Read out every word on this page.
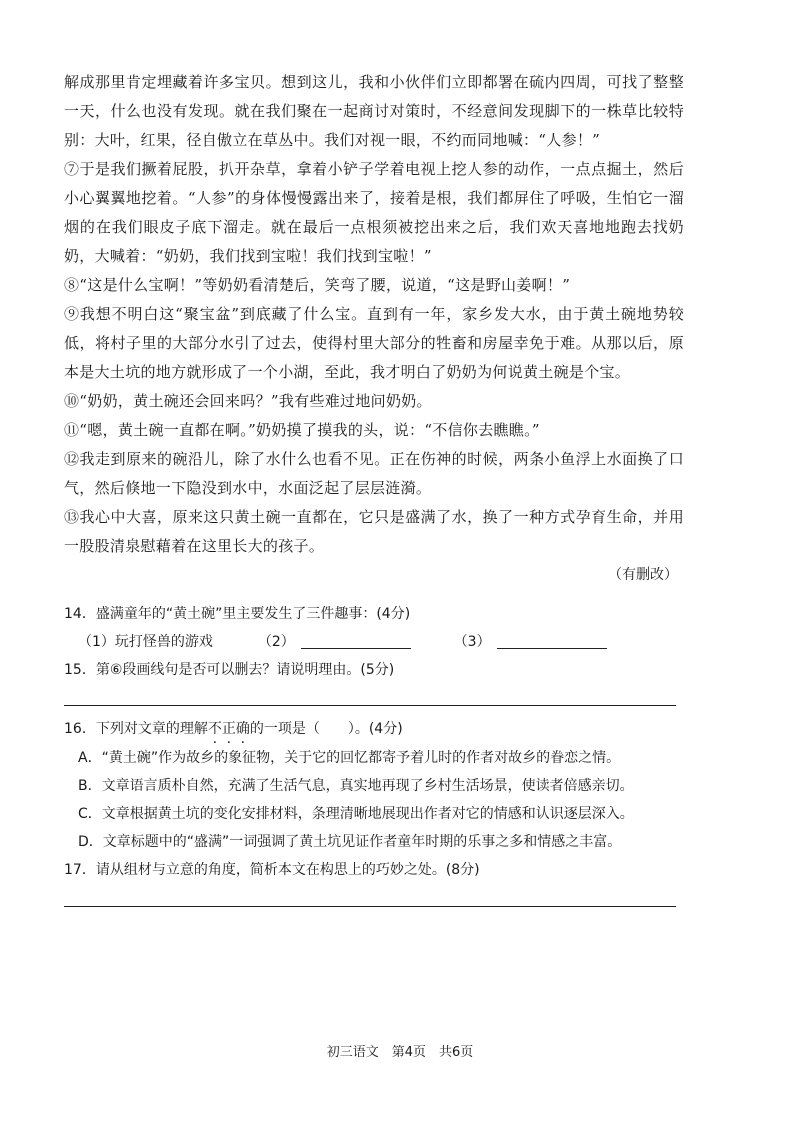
解成那里肯定埋藏着许多宝贝。想到这儿，我和小伙伴们立即都署在硫内四周，可找了整整一天，什么也没有发现。就在我们聚在一起商讨对策时，不经意间发现脚下的一株草比较特别：大叶，红果，径自傲立在草丛中。我们对视一眼，不约而同地喊：“人参！”

⑦于是我们撅着屁股，扒开杂草，拿着小铲子学着电视上挖人参的动作，一点点掘土，然后小心翼翼地挖着。“人参”的身体慢慢露出来了，接着是根，我们都屏住了呼吸，生怕它一溜烟的在我们眼皮子底下溜走。就在最后一点根须被挖出来之后，我们欢天喜地地跑去找奶奶，大喊着：“奶奶，我们找到宝啦！我们找到宝啦！”

⑧“这是什么宝啊！”等奶奶看清楚后，笑弯了腰，说道，“这是野山姜啊！”

⑨我想不明白这“聚宝盆”到底藏了什么宝。直到有一年，家乡发大水，由于黄土碗地势较低，将村子里的大部分水引了过去，使得村里大部分的牲畜和房屋幸免于难。从那以后，原本是大土坑的地方就形成了一个小湖，至此，我才明白了奶奶为何说黄土碗是个宝。

⑩“奶奶，黄土碗还会回来吗？”我有些难过地问奶奶。

⑪“嗯，黄土碗一直都在啊。”奶奶摸了摸我的头，说：“不信你去瞧瞧。”

⑫我走到原来的碗沿儿，除了水什么也看不见。正在伤神的时候，两条小鱼浮上水面换了口气，然后倏地一下隐没到水中，水面泛起了层层涟漪。

⑬我心中大喜，原来这只黄土碗一直都在，它只是盛满了水，换了一种方式孕育生命，并用一股股清泉慰藉着在这里长大的孩子。

（有删改）

14．盛满童年的“黄土碗”里主要发生了三件趣事：(4分)

（1）玩打怪兽的游戏	（2）	（3）

15．第⑥段画线句是否可以删去？请说明理由。(5分)

16．下列对文章的理解不正确的一项是（　　）。(4分)

A．“黄土碗”作为故乡的象征物，关于它的回忆都寄予着儿时的作者对故乡的眷恋之情。

B．文章语言质朴自然，充满了生活气息，真实地再现了乡村生活场景，使读者倍感亲切。

C．文章根据黄土坑的变化安排材料，条理清晰地展现出作者对它的情感和认识逐层深入。

D．文章标题中的“盛满”一词强调了黄土坑见证作者童年时期的乐事之多和情感之丰富。

17．请从组材与立意的角度，简析本文在构思上的巧妙之处。(8分)

初三语文　第4页　共6页
